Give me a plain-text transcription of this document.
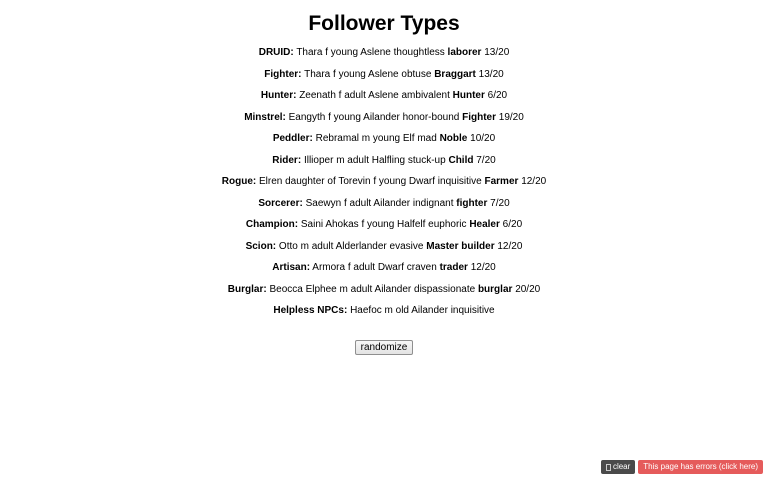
Follower Types
DRUID: Thara f young Aslene thoughtless laborer 13/20
Fighter: Thara f young Aslene obtuse Braggart 13/20
Hunter: Zeenath f adult Aslene ambivalent Hunter 6/20
Minstrel: Eangyth f young Ailander honor-bound Fighter 19/20
Peddler: Rebramal m young Elf mad Noble 10/20
Rider: Illioper m adult Halfling stuck-up Child 7/20
Rogue: Elren daughter of Torevin f young Dwarf inquisitive Farmer 12/20
Sorcerer: Saewyn f adult Ailander indignant fighter 7/20
Champion: Saini Ahokas f young Halfelf euphoric Healer 6/20
Scion: Otto m adult Alderlander evasive Master builder 12/20
Artisan: Armora f adult Dwarf craven trader 12/20
Burglar: Beocca Elphee m adult Ailander dispassionate burglar 20/20
Helpless NPCs: Haefoc m old Ailander inquisitive
randomize
clear	This page has errors (click here)
